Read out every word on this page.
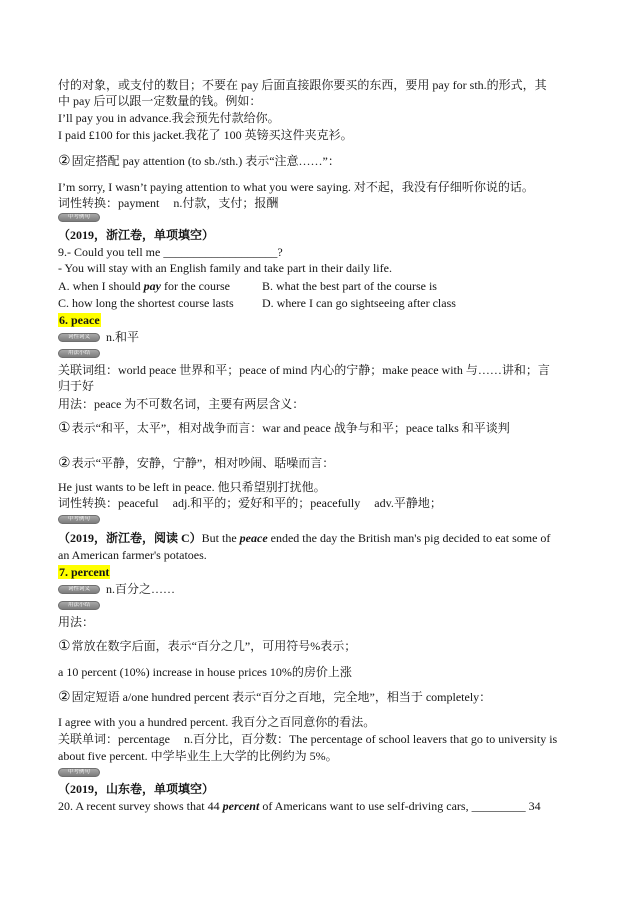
付的对象，或支付的数目；不要在 pay 后面直接跟你要买的东西，要用 pay for sth.的形式，其
中 pay 后可以跟一定数量的钱。例如：
I’ll pay you in advance.我会预先付款给你。
I paid £100 for this jacket.我花了 100 英镑买这件夹克衫。
②固定搭配 pay attention (to sb./sth.) 表示“注意……”：
I’m sorry, I wasn’t paying attention to what you were saying. 对不起，我没有仔细听你说的话。
词性转换：payment n.付款，支付；报酬
中考例句
（2019，浙江卷，单项填空）
9.- Could you tell me ___________________?
- You will stay with an English family and take part in their daily life.
A. when I should pay for the course	B. what the best part of the course is
C. how long the shortest course lasts D. where I can go sightseeing after class
6. peace
词性词义	n.和平
用法小结
关联词组：world peace 世界和平；peace of mind 内心的宁静；make peace with 与……讲和；言
归于好
用法：peace 为不可数名词，主要有两层含义：
①表示“和平，太平”，相对战争而言：war and peace 战争与和平；peace talks 和平谈判
②表示“平静，安静，宁静”，相对吵闹、聒噪而言：
He just wants to be left in peace. 他只希望别打扰他。
词性转换：peaceful adj.和平的；爱好和平的；peacefully adv.平静地；
中考例句
（2019，浙江卷，阅读 C）But the peace ended the day the British man's pig decided to eat some of
an American farmer's potatoes.
7. percent
词性词义	n.百分之……
用法小结
用法：
①常放在数字后面，表示“百分之几”，可用符号%表示；
a 10 percent (10%) increase in house prices 10%的房价上涨
②固定短语 a/one hundred percent 表示“百分之百地，完全地”，相当于 completely：
I agree with you a hundred percent. 我百分之百同意你的看法。
关联单词：percentage n.百分比，百分数：The percentage of school leavers that go to university is
about five percent. 中学毕业生上大学的比例约为 5%。
中考例句
（2019，山东卷，单项填空）
20. A recent survey shows that 44 percent of Americans want to use self-driving cars, _________ 34
